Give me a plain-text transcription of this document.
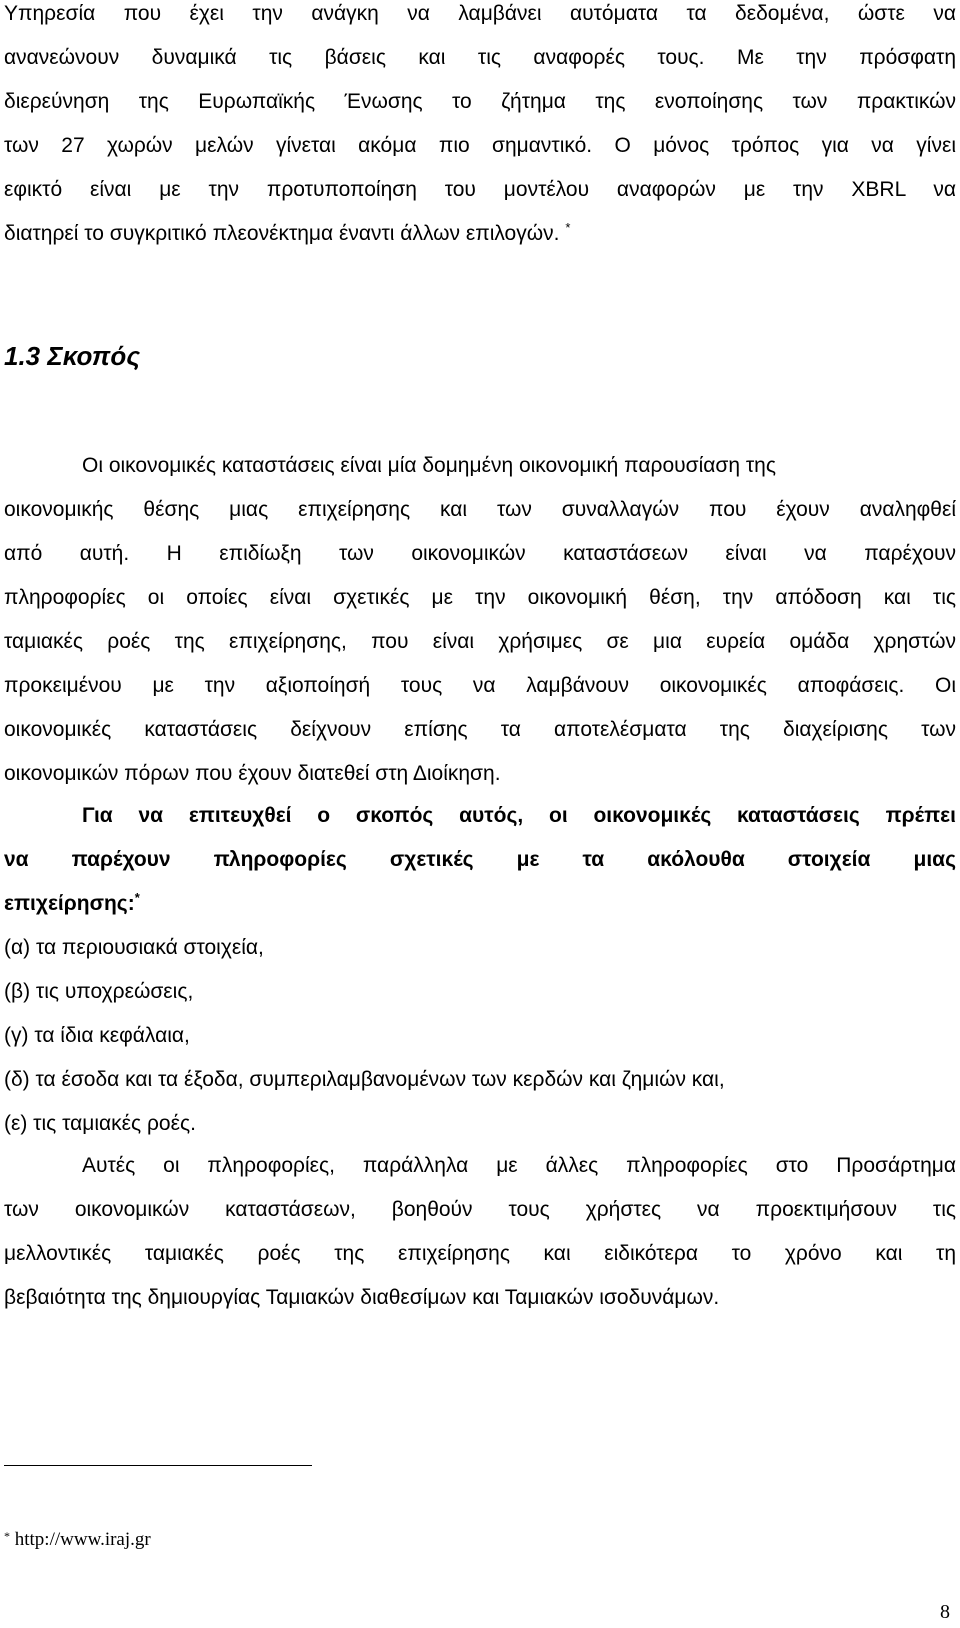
Υπηρεσία που έχει την ανάγκη να λαμβάνει αυτόματα τα δεδομένα, ώστε να
ανανεώνουν δυναμικά τις βάσεις και τις αναφορές τους. Με την πρόσφατη
διερεύνηση της Ευρωπαϊκής Ένωσης το ζήτημα της ενοποίησης των πρακτικών
των 27 χωρών μελών γίνεται ακόμα πιο σημαντικό. Ο μόνος τρόπος για να γίνει
εφικτό είναι με την προτυποποίηση του μοντέλου αναφορών με την XBRL να
διατηρεί το συγκριτικό πλεονέκτημα έναντι άλλων επιλογών. *
1.3 Σκοπός
Οι οικονομικές καταστάσεις είναι μία δομημένη οικονομική παρουσίαση της
οικονομικής θέσης μιας επιχείρησης και των συναλλαγών που έχουν αναληφθεί
από αυτή. Η επιδίωξη των οικονομικών καταστάσεων είναι να παρέχουν
πληροφορίες οι οποίες είναι σχετικές με την οικονομική θέση, την απόδοση και τις
ταμιακές ροές της επιχείρησης, που είναι χρήσιμες σε μια ευρεία ομάδα χρηστών
προκειμένου με την αξιοποίησή τους να λαμβάνουν οικονομικές αποφάσεις. Οι
οικονομικές καταστάσεις δείχνουν επίσης τα αποτελέσματα της διαχείρισης των
οικονομικών πόρων που έχουν διατεθεί στη Διοίκηση.
Για να επιτευχθεί ο σκοπός αυτός, οι οικονομικές καταστάσεις πρέπει
να παρέχουν πληροφορίες σχετικές με τα ακόλουθα στοιχεία μιας
επιχείρησης:*
(α) τα περιουσιακά στοιχεία,
(β) τις υποχρεώσεις,
(γ) τα ίδια κεφάλαια,
(δ) τα έσοδα και τα έξοδα, συμπεριλαμβανομένων των κερδών και ζημιών και,
(ε) τις ταμιακές ροές.
Αυτές οι πληροφορίες, παράλληλα με άλλες πληροφορίες στο Προσάρτημα
των οικονομικών καταστάσεων, βοηθούν τους χρήστες να προεκτιμήσουν τις
μελλοντικές ταμιακές ροές της επιχείρησης και ειδικότερα το χρόνο και τη
βεβαιότητα της δημιουργίας Ταμιακών διαθεσίμων και Ταμιακών ισοδυνάμων.
* http://www.iraj.gr
8
